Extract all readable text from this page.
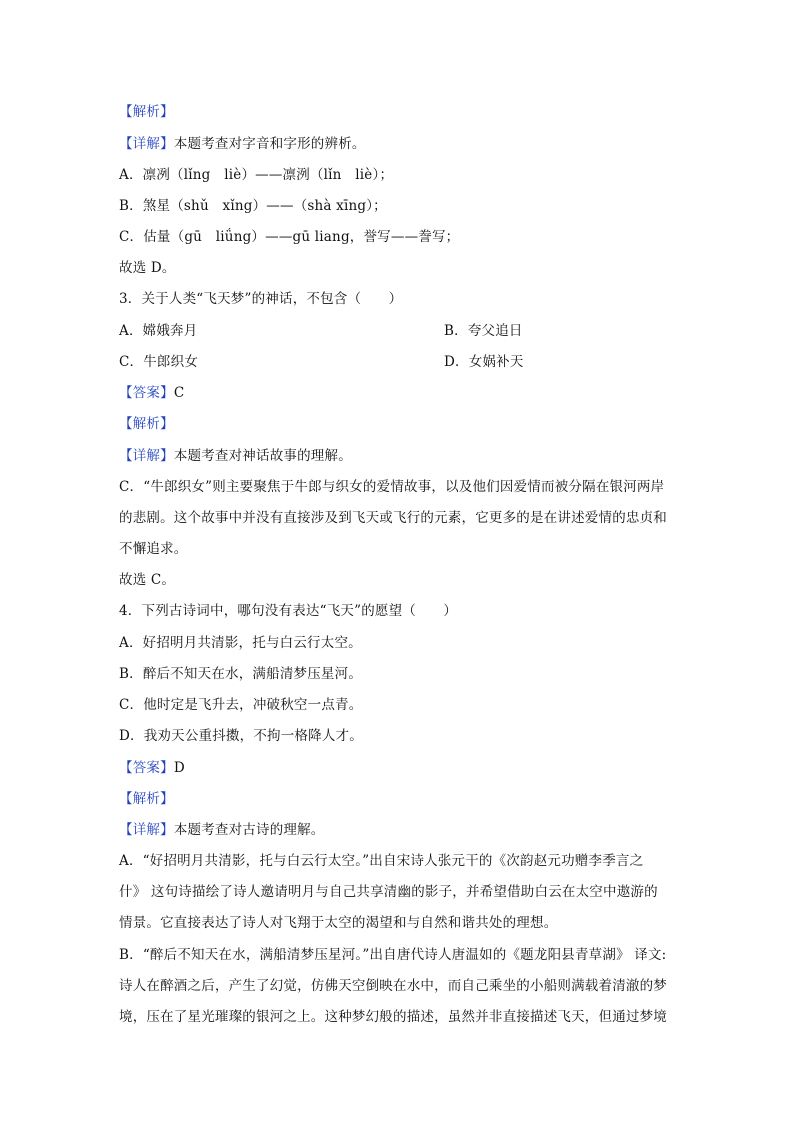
【解析】
【详解】本题考查对字音和字形的辨析。
A．凛冽（lǐng　liè）——凛洌（lǐn　liè）；
B．煞星（shǔ　xǐng）——（shà xīng）；
C．估量（gū　liǘng）——gū liang，誉写——誊写；
故选 D。
3．关于人类“飞天梦”的神话，不包含（　　）
A．嫦娥奔月	B．夸父追日
C．牛郎织女	D．女娲补天
【答案】C
【解析】
【详解】本题考查对神话故事的理解。
C．“牛郎织女”则主要聚焦于牛郎与织女的爱情故事，以及他们因爱情而被分隔在银河两岸
的悲剧。这个故事中并没有直接涉及到飞天或飞行的元素，它更多的是在讲述爱情的忠贞和
不懈追求。
故选 C。
4．下列古诗词中，哪句没有表达“飞天”的愿望（　　）
A．好招明月共清影，托与白云行太空。
B．醉后不知天在水，满船清梦压星河。
C．他时定是飞升去，冲破秋空一点青。
D．我劝天公重抖擞，不拘一格降人才。
【答案】D
【解析】
【详解】本题考查对古诗的理解。
A．“好招明月共清影，托与白云行太空。”出自宋诗人张元干的《次韵赵元功赠李季言之
什》 这句诗描绘了诗人邀请明月与自己共享清幽的影子，并希望借助白云在太空中遨游的
情景。它直接表达了诗人对飞翔于太空的渴望和与自然和谐共处的理想。
B．“醉后不知天在水，满船清梦压星河。”出自唐代诗人唐温如的《题龙阳县青草湖》 译文:
诗人在醉酒之后，产生了幻觉，仿佛天空倒映在水中，而自己乘坐的小船则满载着清澈的梦
境，压在了星光璀璨的银河之上。这种梦幻般的描述，虽然并非直接描述飞天，但通过梦境
